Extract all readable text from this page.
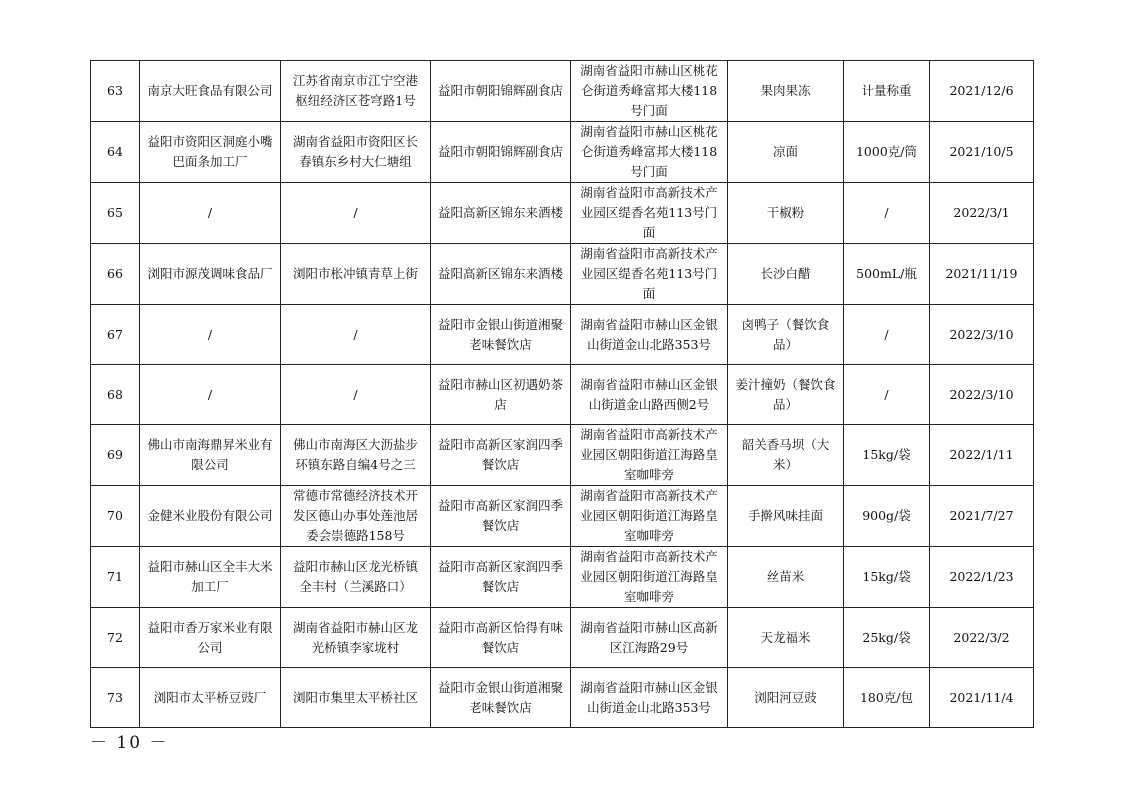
63	南京大旺食品有限公司	江苏省南京市江宁空港枢纽经济区苍穹路1号	益阳市朝阳锦辉副食店	湖南省益阳市赫山区桃花仑街道秀峰富邦大楼118号门面	果肉果冻	计量称重	2021/12/6
64	益阳市资阳区洞庭小嘴巴面条加工厂	湖南省益阳市资阳区长春镇东乡村大仁塘组	益阳市朝阳锦辉副食店	湖南省益阳市赫山区桃花仑街道秀峰富邦大楼118号门面	凉面	1000克/筒	2021/10/5
65	/	/	益阳高新区锦东来酒楼	湖南省益阳市高新技术产业园区缇香名苑113号门面	干椒粉	/	2022/3/1
66	浏阳市源茂调味食品厂	浏阳市枨冲镇青草上街	益阳高新区锦东来酒楼	湖南省益阳市高新技术产业园区缇香名苑113号门面	长沙白醋	500mL/瓶	2021/11/19
67	/	/	益阳市金银山街道湘聚老味餐饮店	湖南省益阳市赫山区金银山街道金山北路353号	卤鸭子（餐饮食品）	/	2022/3/10
68	/	/	益阳市赫山区初遇奶茶店	湖南省益阳市赫山区金银山街道金山路西侧2号	姜汁撞奶（餐饮食品）	/	2022/3/10
69	佛山市南海鼎昇米业有限公司	佛山市南海区大沥盐步环镇东路自编4号之三	益阳市高新区家润四季餐饮店	湖南省益阳市高新技术产业园区朝阳街道江海路皇室咖啡旁	韶关香马坝（大米）	15kg/袋	2022/1/11
70	金健米业股份有限公司	常德市常德经济技术开发区德山办事处莲池居委会崇德路158号	益阳市高新区家润四季餐饮店	湖南省益阳市高新技术产业园区朝阳街道江海路皇室咖啡旁	手擀风味挂面	900g/袋	2021/7/27
71	益阳市赫山区全丰大米加工厂	益阳市赫山区龙光桥镇全丰村（兰溪路口）	益阳市高新区家润四季餐饮店	湖南省益阳市高新技术产业园区朝阳街道江海路皇室咖啡旁	丝苗米	15kg/袋	2022/1/23
72	益阳市香万家米业有限公司	湖南省益阳市赫山区龙光桥镇李家垅村	益阳市高新区恰得有味餐饮店	湖南省益阳市赫山区高新区江海路29号	天龙福米	25kg/袋	2022/3/2
73	浏阳市太平桥豆豉厂	浏阳市集里太平桥社区	益阳市金银山街道湘聚老味餐饮店	湖南省益阳市赫山区金银山街道金山北路353号	浏阳河豆豉	180克/包	2021/11/4
－ 10 －
